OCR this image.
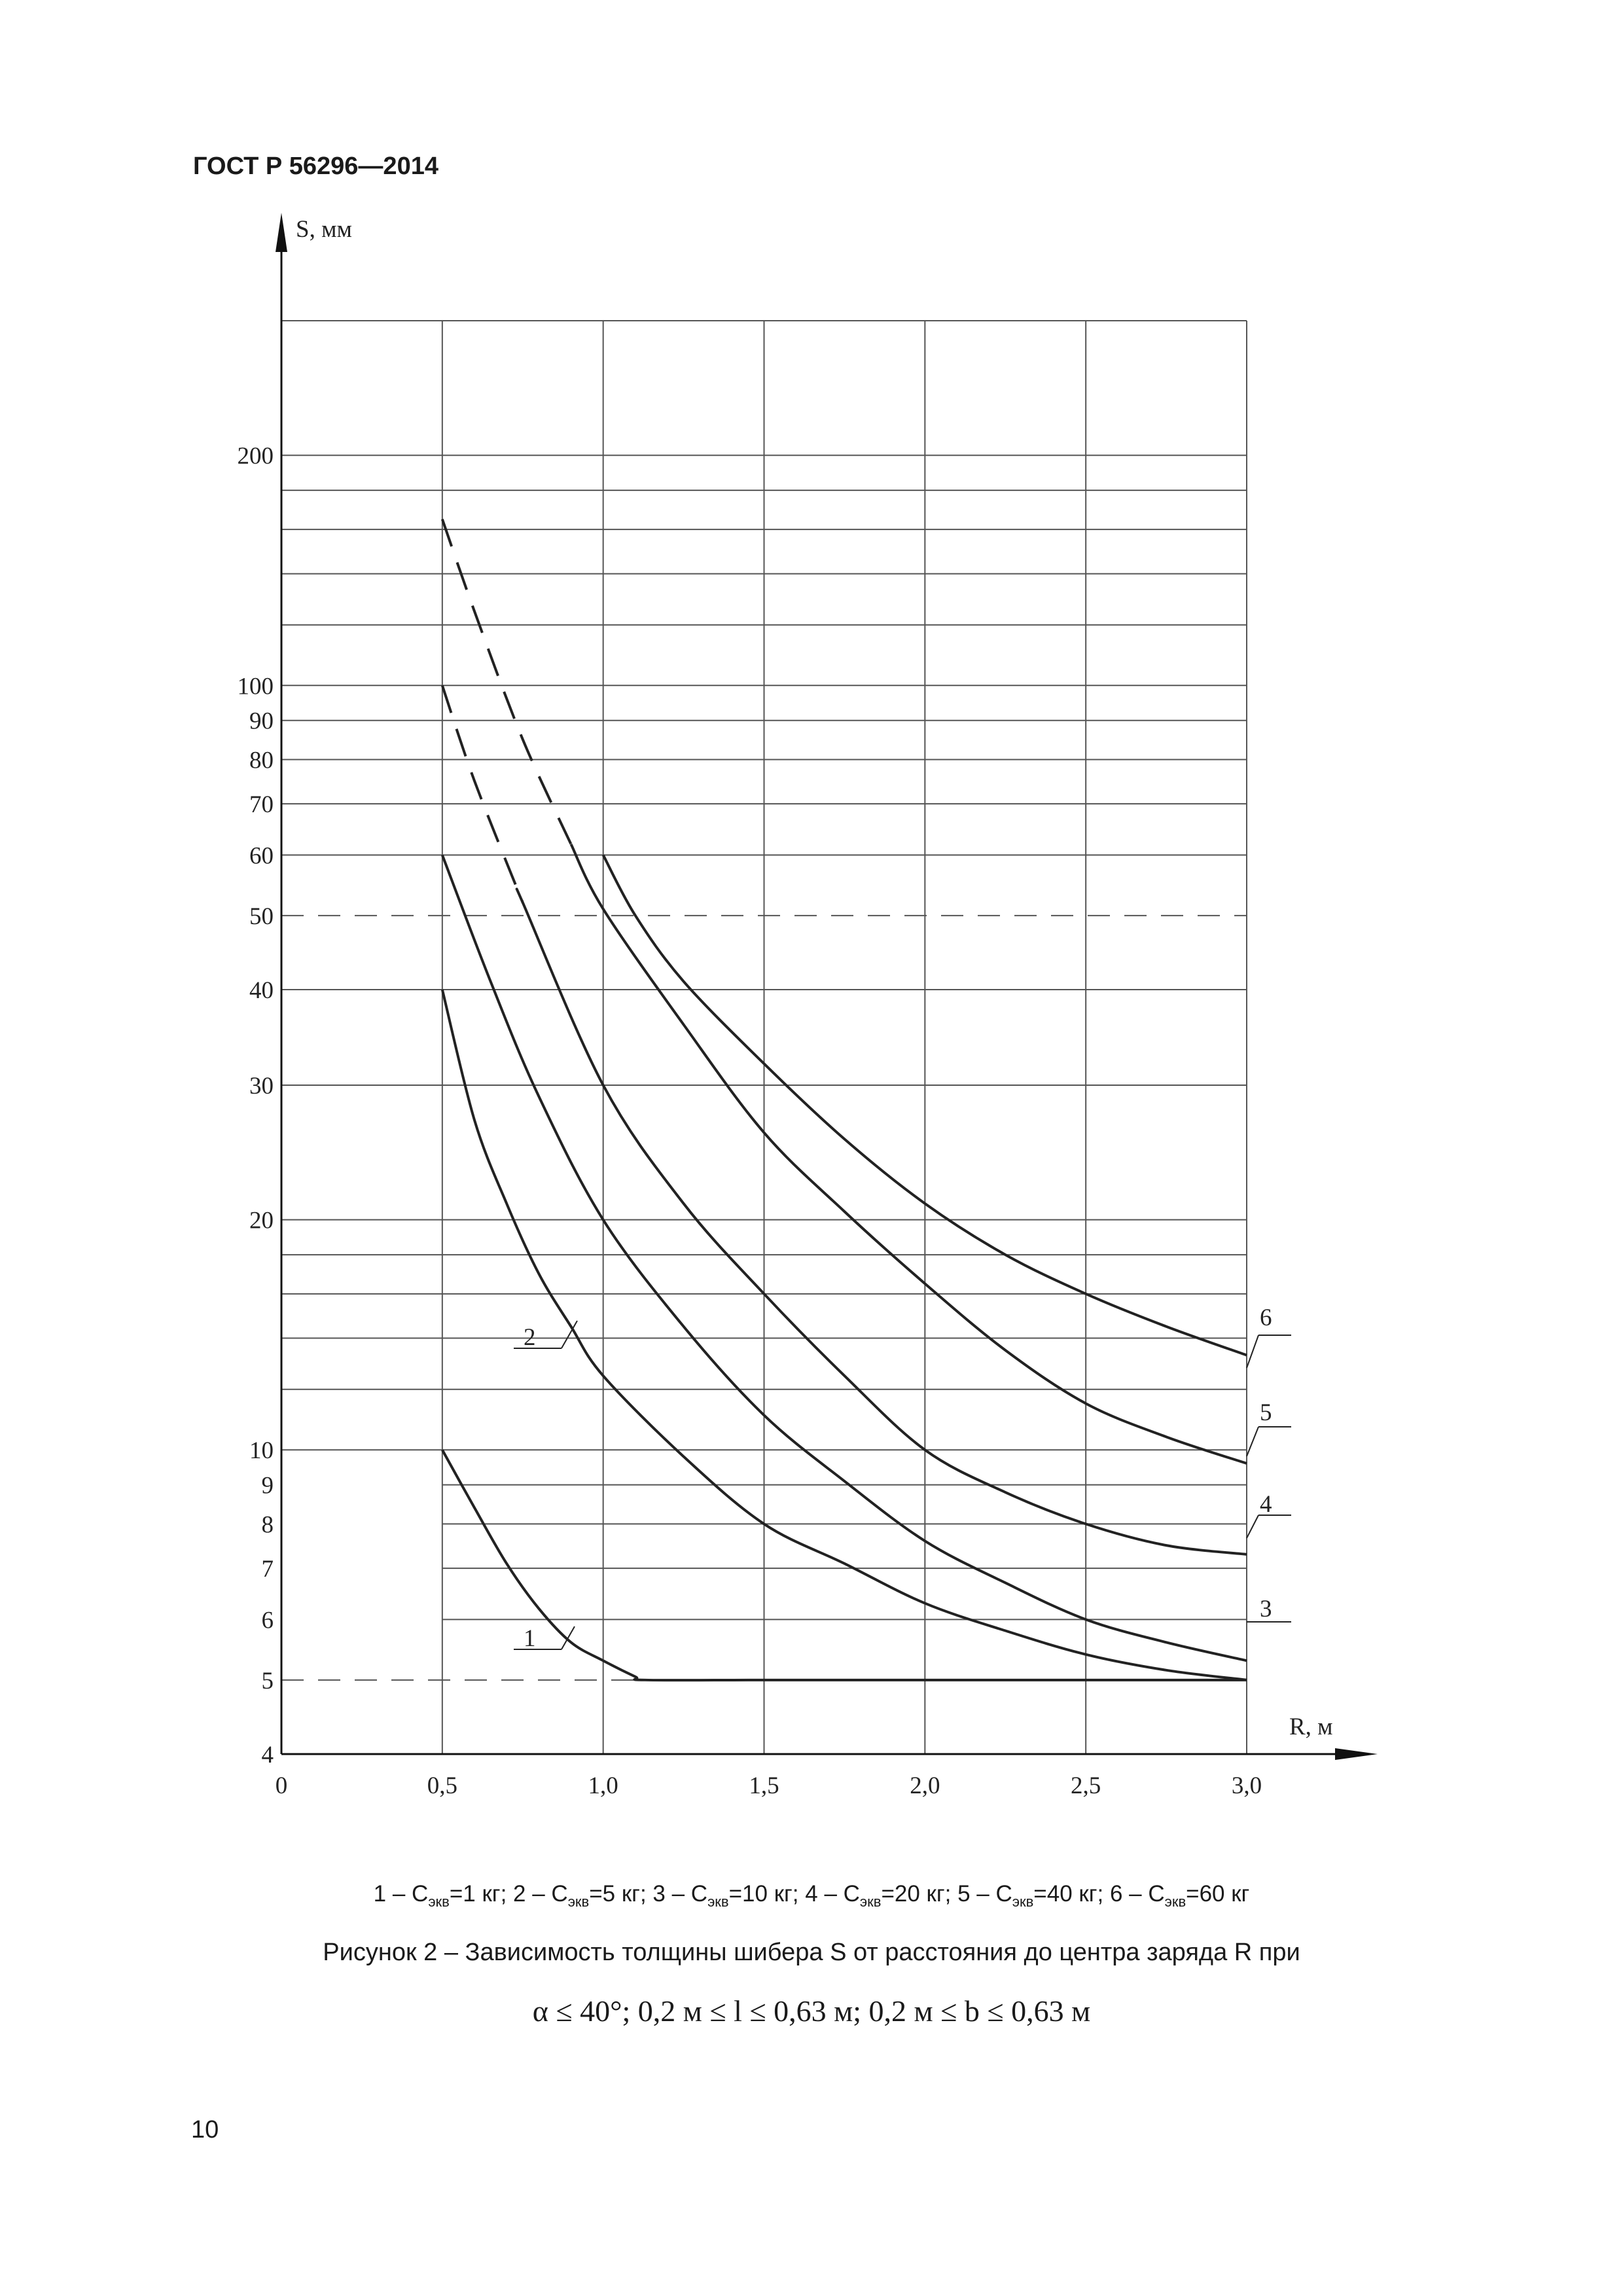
ГОСТ Р 56296—2014
4
5
6
7
8
9
10
20
30
40
50
60
70
80
90
100
200
0	0,5	1,0	1,5	2,0	2,5	3,0
S, мм
R, м
1
2
3
4
5
6
$1 - С_{экв}=1$ кг; $2 - С_{экв}=5$ кг; $3 - С_{экв}=10$ кг; $4 - С_{экв}=20$ кг; $5 - С_{экв}=40$ кг; $6 - С_{экв}=60$ кг
Рисунок 2 – Зависимость толщины шибера S от расстояния до центра заряда R при
α ≤ 40°; 0,2 м ≤ l ≤ 0,63 м; 0,2 м ≤ b ≤ 0,63 м
10
